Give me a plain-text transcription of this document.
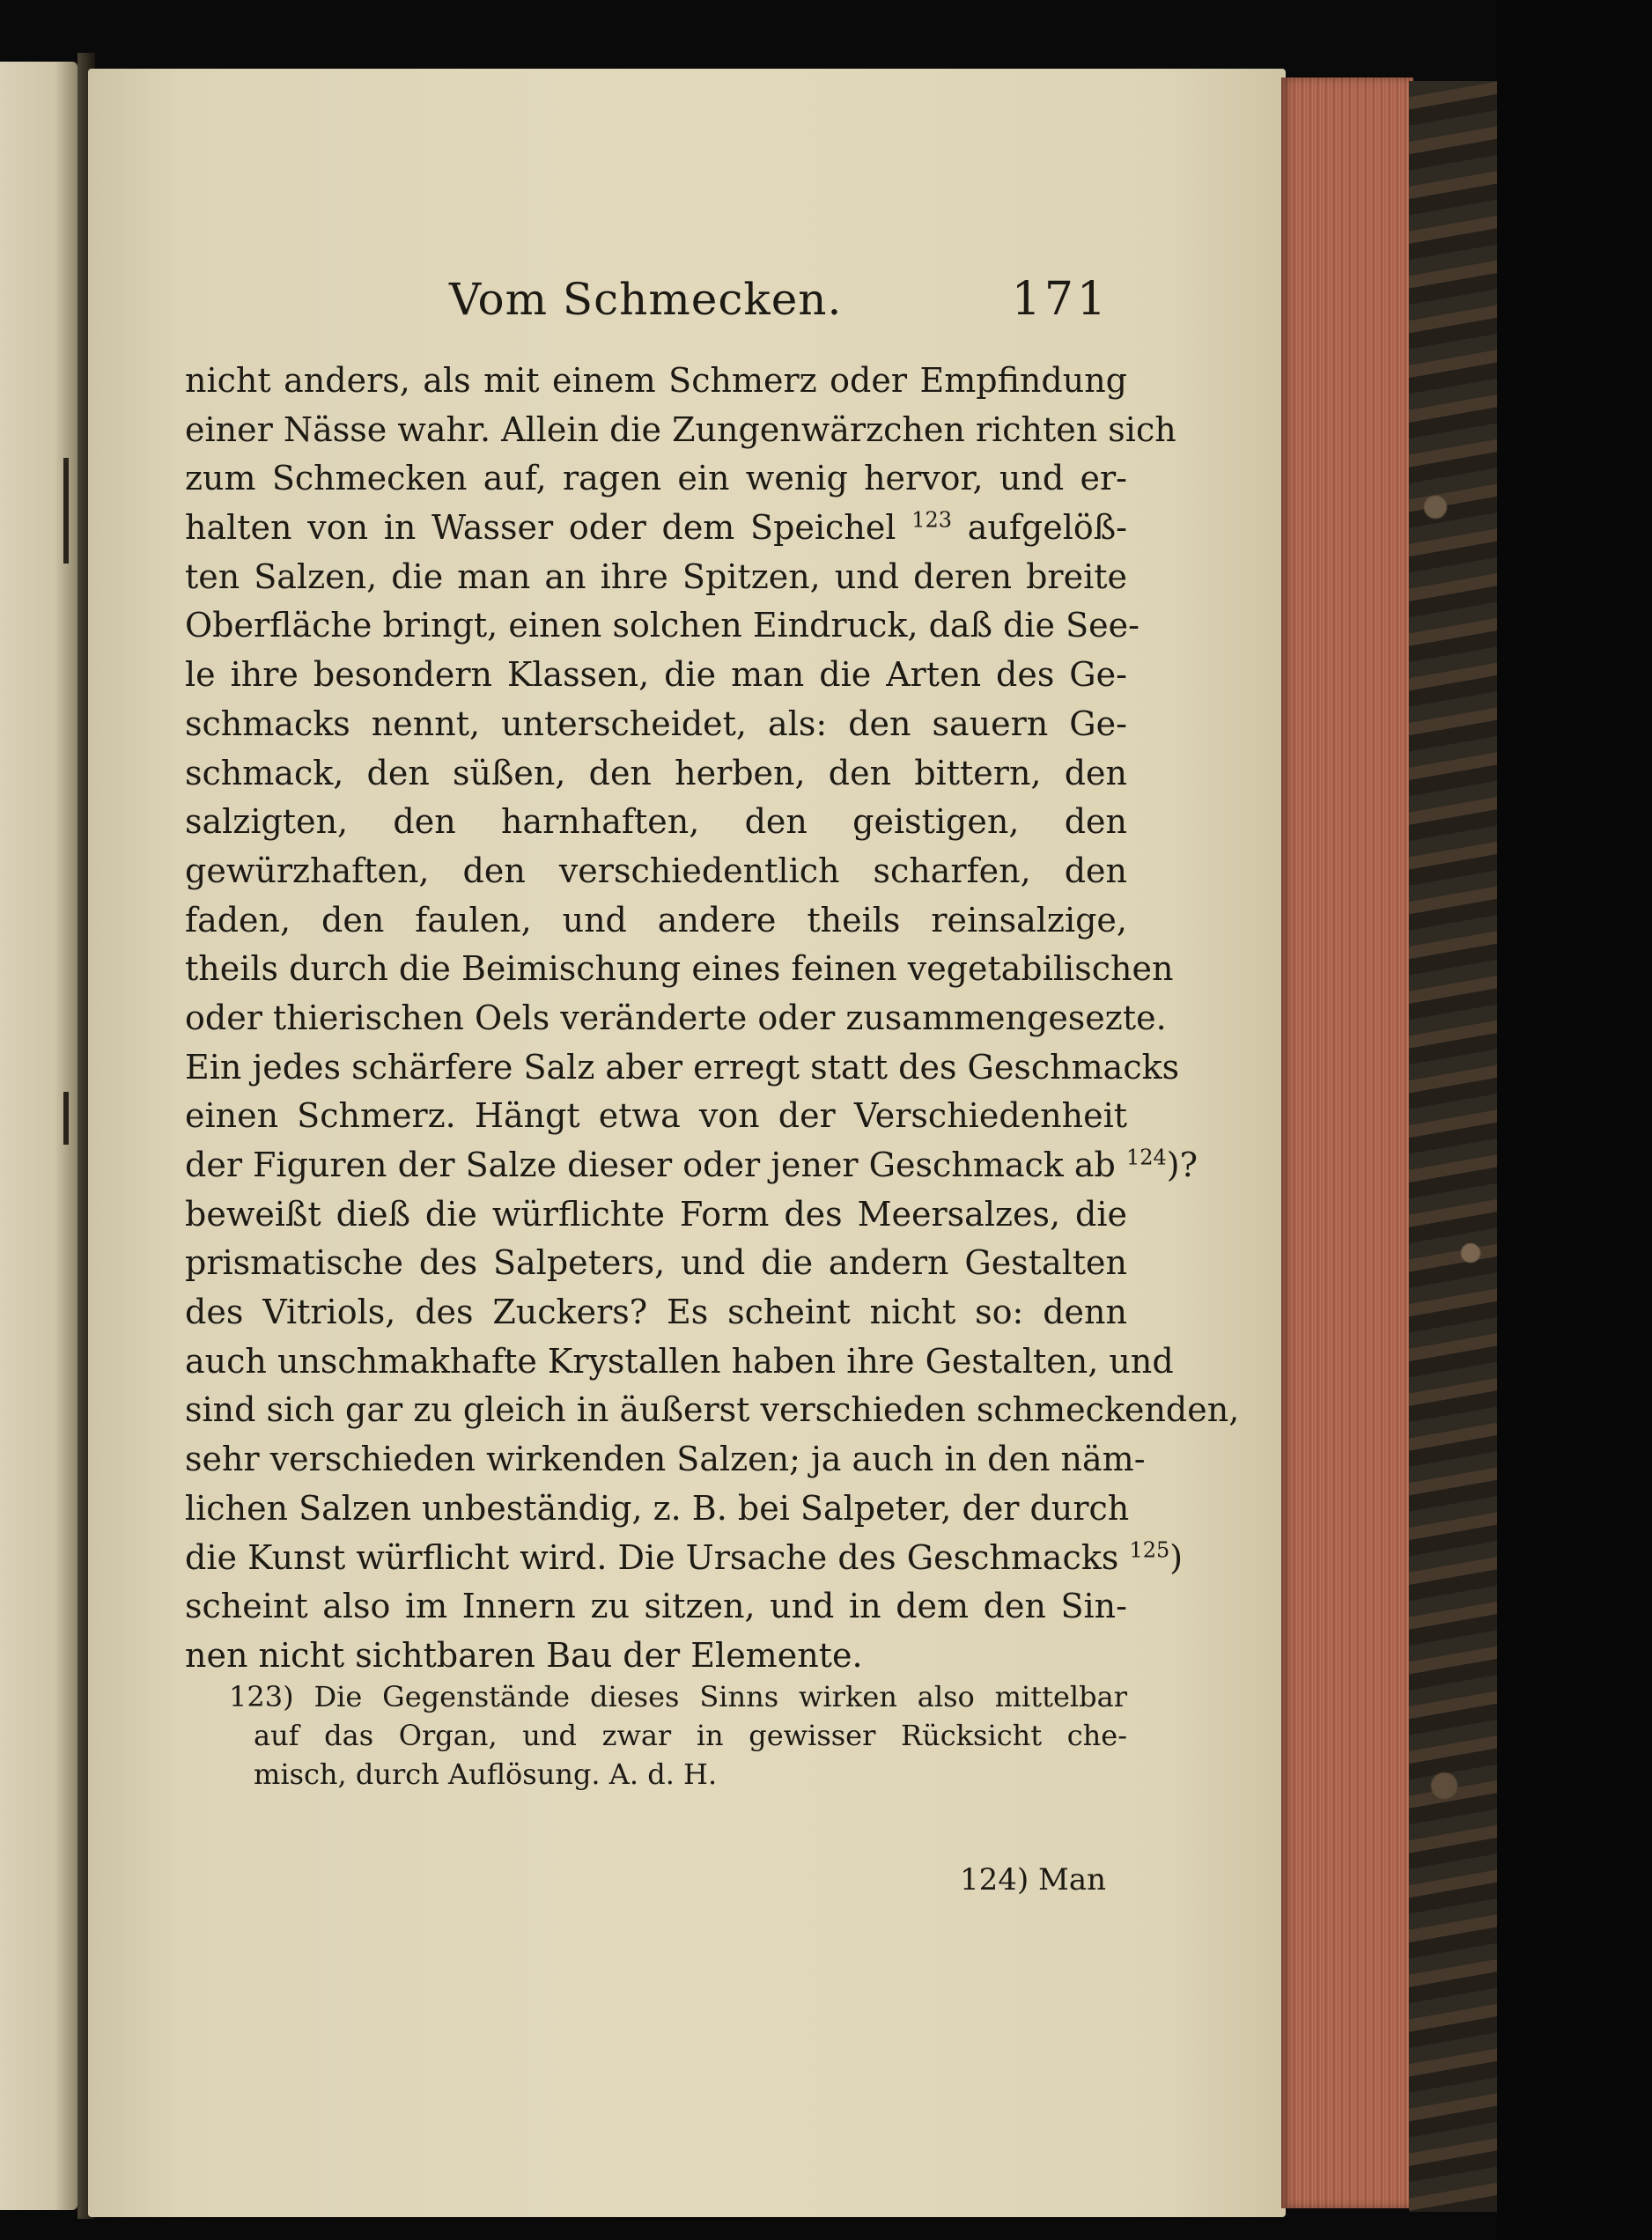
Vom Schmecken.	171
nicht anders, als mit einem Schmerz oder Empfindung
einer Nässe wahr. Allein die Zungenwärzchen richten sich
zum Schmecken auf, ragen ein wenig hervor, und er-
halten von in Wasser oder dem Speichel $^{123}$ aufgelöß-
ten Salzen, die man an ihre Spitzen, und deren breite
Oberfläche bringt, einen solchen Eindruck, daß die See-
le ihre besondern Klassen, die man die Arten des Ge-
schmacks nennt, unterscheidet, als: den sauern Ge-
schmack, den süßen, den herben, den bittern, den
salzigten, den harnhaften, den geistigen, den
gewürzhaften, den verschiedentlich scharfen, den
faden, den faulen, und andere theils reinsalzige,
theils durch die Beimischung eines feinen vegetabilischen
oder thierischen Oels veränderte oder zusammengesezte.
Ein jedes schärfere Salz aber erregt statt des Geschmacks
einen Schmerz. Hängt etwa von der Verschiedenheit
der Figuren der Salze dieser oder jener Geschmack ab $^{124}$)?
beweißt dieß die würflichte Form des Meersalzes, die
prismatische des Salpeters, und die andern Gestalten
des Vitriols, des Zuckers? Es scheint nicht so: denn
auch unschmakhafte Krystallen haben ihre Gestalten, und
sind sich gar zu gleich in äußerst verschieden schmeckenden,
sehr verschieden wirkenden Salzen; ja auch in den näm-
lichen Salzen unbeständig, z. B. bei Salpeter, der durch
die Kunst würflicht wird. Die Ursache des Geschmacks $^{125}$)
scheint also im Innern zu sitzen, und in dem den Sin-
nen nicht sichtbaren Bau der Elemente.
123) Die Gegenstände dieses Sinns wirken also mittelbar
auf das Organ, und zwar in gewisser Rücksicht che-
misch, durch Auflösung. A. d. H.
124) Man
